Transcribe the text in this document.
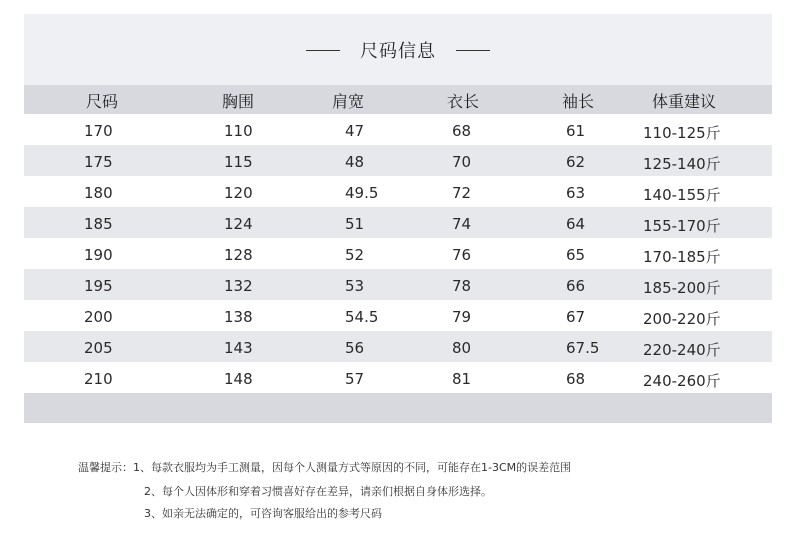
尺码信息
尺码	胸围	肩宽	衣长	袖长	体重建议
170	110	47	68	61	110-125斤
175	115	48	70	62	125-140斤
180	120	49.5	72	63	140-155斤
185	124	51	74	64	155-170斤
190	128	52	76	65	170-185斤
195	132	53	78	66	185-200斤
200	138	54.5	79	67	200-220斤
205	143	56	80	67.5	220-240斤
210	148	57	81	68	240-260斤
温馨提示：1、每款衣服均为手工测量，因每个人测量方式等原因的不同，可能存在1-3CM的误差范围
2、每个人因体形和穿着习惯喜好存在差异，请亲们根据自身体形选择。
3、如亲无法确定的，可咨询客服给出的参考尺码
